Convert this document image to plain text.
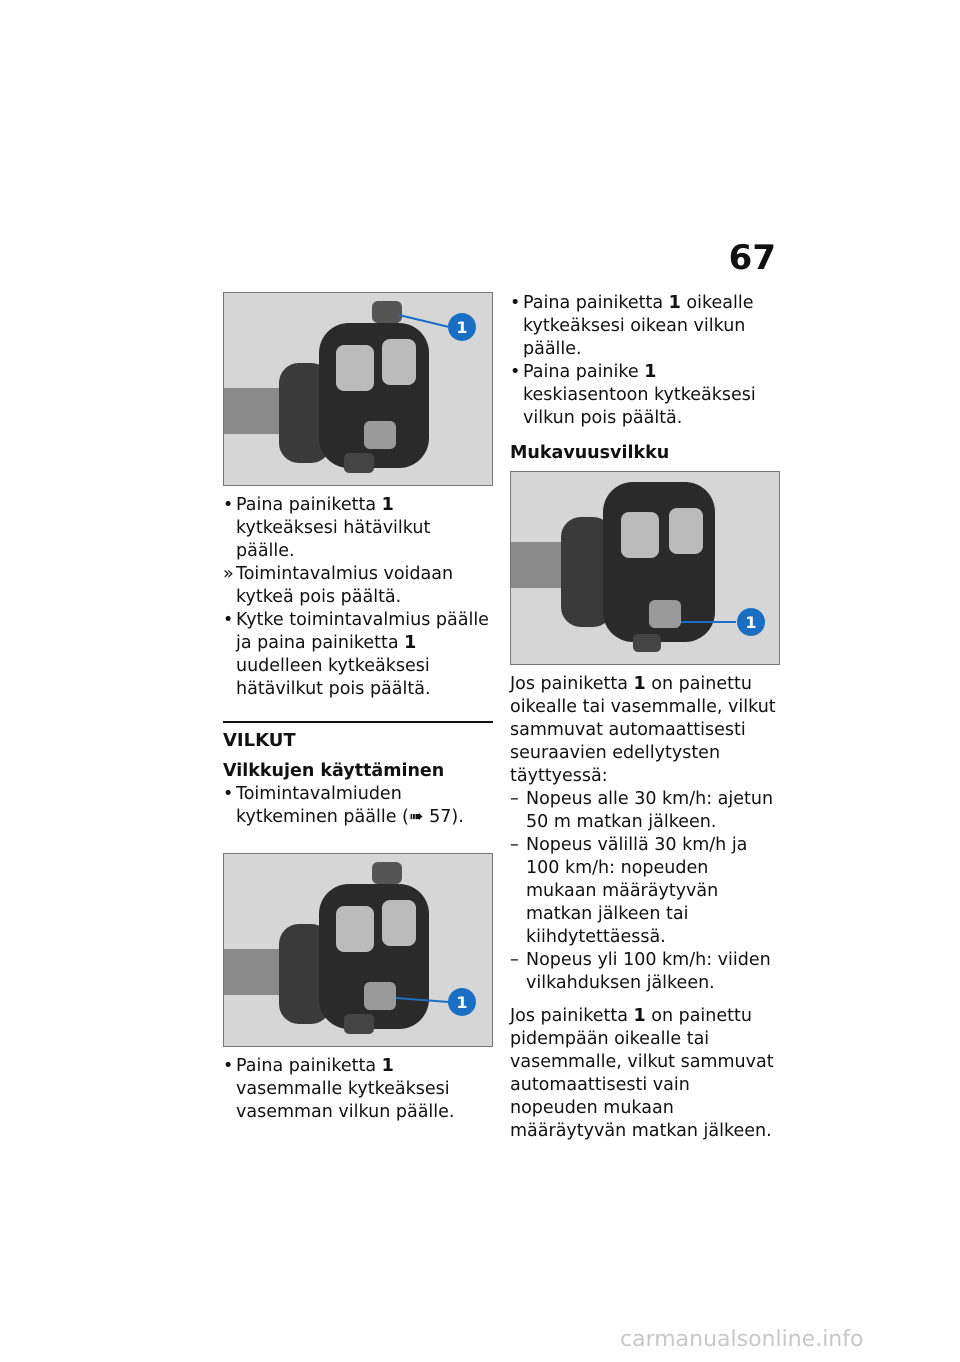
67
1
• Paina painiketta 1 kytkeäksesi hätävilkut päälle.
» Toimintavalmius voidaan kytkeä pois päältä.
• Kytke toimintavalmius päälle ja paina painiketta 1 uudelleen kytkeäksesi hätävilkut pois päältä.
VILKUT
Vilkkujen käyttäminen
• Toimintavalmiuden kytkeminen päälle (➠ 57).
1
• Paina painiketta 1 vasemmalle kytkeäksesi vasemman vilkun päälle.
• Paina painiketta 1 oikealle kytkeäksesi oikean vilkun päälle.
• Paina painike 1 keskiasentoon kytkeäksesi vilkun pois päältä.
Mukavuusvilkku
1
Jos painiketta 1 on painettu oikealle tai vasemmalle, vilkut sammuvat automaattisesti seuraavien edellytysten täyttyessä:
– Nopeus alle 30 km/h: ajetun 50 m matkan jälkeen.
– Nopeus välillä 30 km/h ja 100 km/h: nopeuden mukaan määräytyvän matkan jälkeen tai kiihdytettäessä.
– Nopeus yli 100 km/h: viiden vilkahduksen jälkeen.
Jos painiketta 1 on painettu pidempään oikealle tai vasemmalle, vilkut sammuvat automaattisesti vain nopeuden mukaan määräytyvän matkan jälkeen.
carmanualsonline.info
